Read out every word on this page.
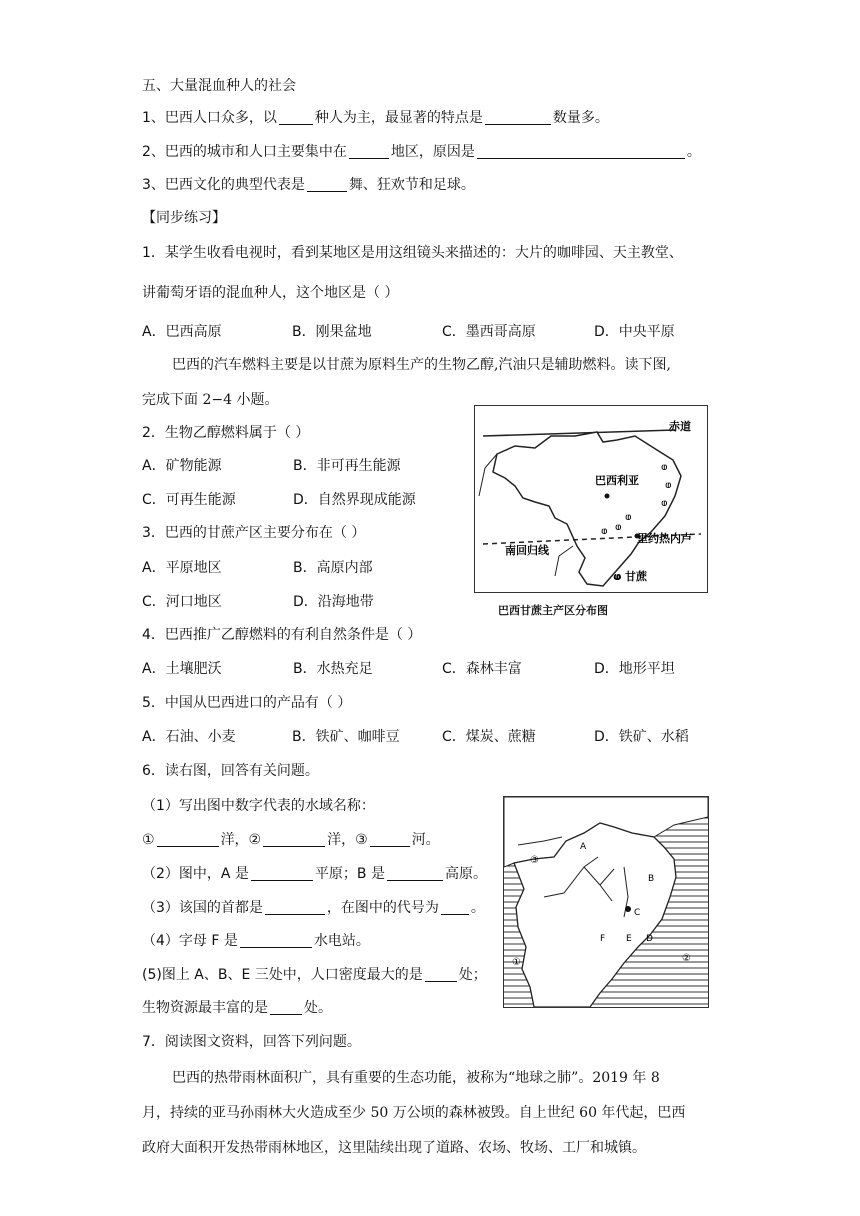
五、大量混血种人的社会
1、巴西人口众多，以	种人为主，最显著的特点是	数量多。
2、巴西的城市和人口主要集中在	地区，原因是	。
3、巴西文化的典型代表是	舞、狂欢节和足球。
【同步练习】
1．某学生收看电视时，看到某地区是用这组镜头来描述的：大片的咖啡园、天主教堂、
讲葡萄牙语的混血种人，这个地区是（ ）
A．巴西高原	B．刚果盆地	C．墨西哥高原	D．中央平原
巴西的汽车燃料主要是以甘蔗为原料生产的生物乙醇,汽油只是辅助燃料。读下图,
完成下面 2−4 小题。
2．生物乙醇燃料属于（ ）
A．矿物能源	B．非可再生能源
C．可再生能源	D．自然界现成能源
3．巴西的甘蔗产区主要分布在（ ）
A．平原地区	B．高原内部
C．河口地区	D．沿海地带
赤道
巴西利亚
里约热内卢
南回归线
ⱷ
ⱷ
ⱷ
ⱷ
ⱷ
ⱷ
ⱷ 甘蔗
巴西甘蔗主产区分布图
4．巴西推广乙醇燃料的有利自然条件是（ ）
A．土壤肥沃	B．水热充足	C．森林丰富	D．地形平坦
5．中国从巴西进口的产品有（ ）
A．石油、小麦	B．铁矿、咖啡豆	C．煤炭、蔗糖	D．铁矿、水稻
6．读右图，回答有关问题。
（1）写出图中数字代表的水域名称：
①	洋，②	洋，③	河。
（2）图中，A 是	平原；B 是	高原。
（3）该国的首都是	，在图中的代号为 。
（4）字母 F 是	水电站。
(5)图上 A、B、E 三处中，人口密度最大的是	处；
生物资源最丰富的是	处。
③
①	②
A
B
C
D
E
F
7．阅读图文资料，回答下列问题。
巴西的热带雨林面积广，具有重要的生态功能，被称为“地球之肺”。2019 年 8
月，持续的亚马孙雨林大火造成至少 50 万公顷的森林被毁。自上世纪 60 年代起，巴西
政府大面积开发热带雨林地区，这里陆续出现了道路、农场、牧场、工厂和城镇。
